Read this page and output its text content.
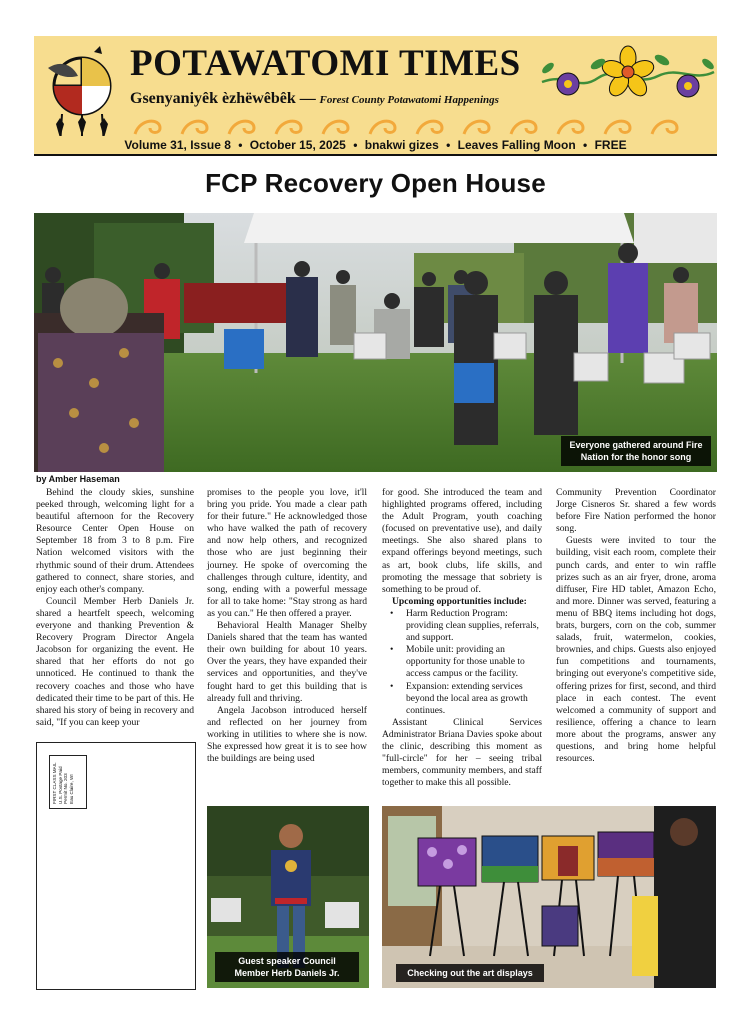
POTAWATOMI TIMES
Gsenyaniyêk èzhëwêbêk — Forest County Potawatomi Happenings
Volume 31, Issue 8 • October 15, 2025 • bnakwi gizes • Leaves Falling Moon • FREE
FCP Recovery Open House
Everyone gathered around Fire Nation for the honor song
by Amber Haseman

Behind the cloudy skies, sunshine peeked through, welcoming light for a beautiful afternoon for the Recovery Resource Center Open House on September 18 from 3 to 8 p.m. Fire Nation welcomed visitors with the rhythmic sound of their drum. Attendees gathered to connect, share stories, and enjoy each other's company.

Council Member Herb Daniels Jr. shared a heartfelt speech, welcoming everyone and thanking Prevention & Recovery Program Director Angela Jacobson for organizing the event. He shared that her efforts do not go unnoticed. He continued to thank the recovery coaches and those who have dedicated their time to be part of this. He shared his story of being in recovery and said, "If you can keep your

FIRST CLASS MAIL U.S. Postage Paid Permit No. 203 Eau Claire, WI

promises to the people you love, it'll bring you pride. You made a clear path for their future." He acknowledged those who have walked the path of recovery and now help others, and recognized those who are just beginning their journey. He spoke of overcoming the challenges through culture, identity, and song, ending with a powerful message for all to take home: "Stay strong as hard as you can." He then offered a prayer.

Behavioral Health Manager Shelby Daniels shared that the team has wanted their own building for about 10 years. Over the years, they have expanded their services and opportunities, and they've fought hard to get this building that is already full and thriving.

Angela Jacobson introduced herself and reflected on her journey from working in utilities to where she is now. She expressed how great it is to see how the buildings are being used

for good. She introduced the team and highlighted programs offered, including the Adult Program, youth coaching (focused on preventative use), and daily meetings. She also shared plans to expand offerings beyond meetings, such as art, book clubs, life skills, and promoting the message that sobriety is something to be proud of.

Upcoming opportunities include:

• Harm Reduction Program: providing clean supplies, referrals, and support.
• Mobile unit: providing an opportunity for those unable to access campus or the facility.
• Expansion: extending services beyond the local area as growth continues.

Assistant Clinical Services Administrator Briana Davies spoke about the clinic, describing this moment as "full-circle" for her – seeing tribal members, community members, and staff together to make this all possible.

Community Prevention Coordinator Jorge Cisneros Sr. shared a few words before Fire Nation performed the honor song.

Guests were invited to tour the building, visit each room, complete their punch cards, and enter to win raffle prizes such as an air fryer, drone, aroma diffuser, Fire HD tablet, Amazon Echo, and more. Dinner was served, featuring a menu of BBQ items including hot dogs, brats, burgers, corn on the cob, summer salads, fruit, watermelon, cookies, brownies, and chips. Guests also enjoyed fun competitions and tournaments, bringing out everyone's competitive side, offering prizes for first, second, and third place in each contest. The event welcomed a community of support and resilience, offering a chance to learn more about the programs, answer any questions, and bring home helpful resources.

Guest speaker Council Member Herb Daniels Jr.	Checking out the art displays
